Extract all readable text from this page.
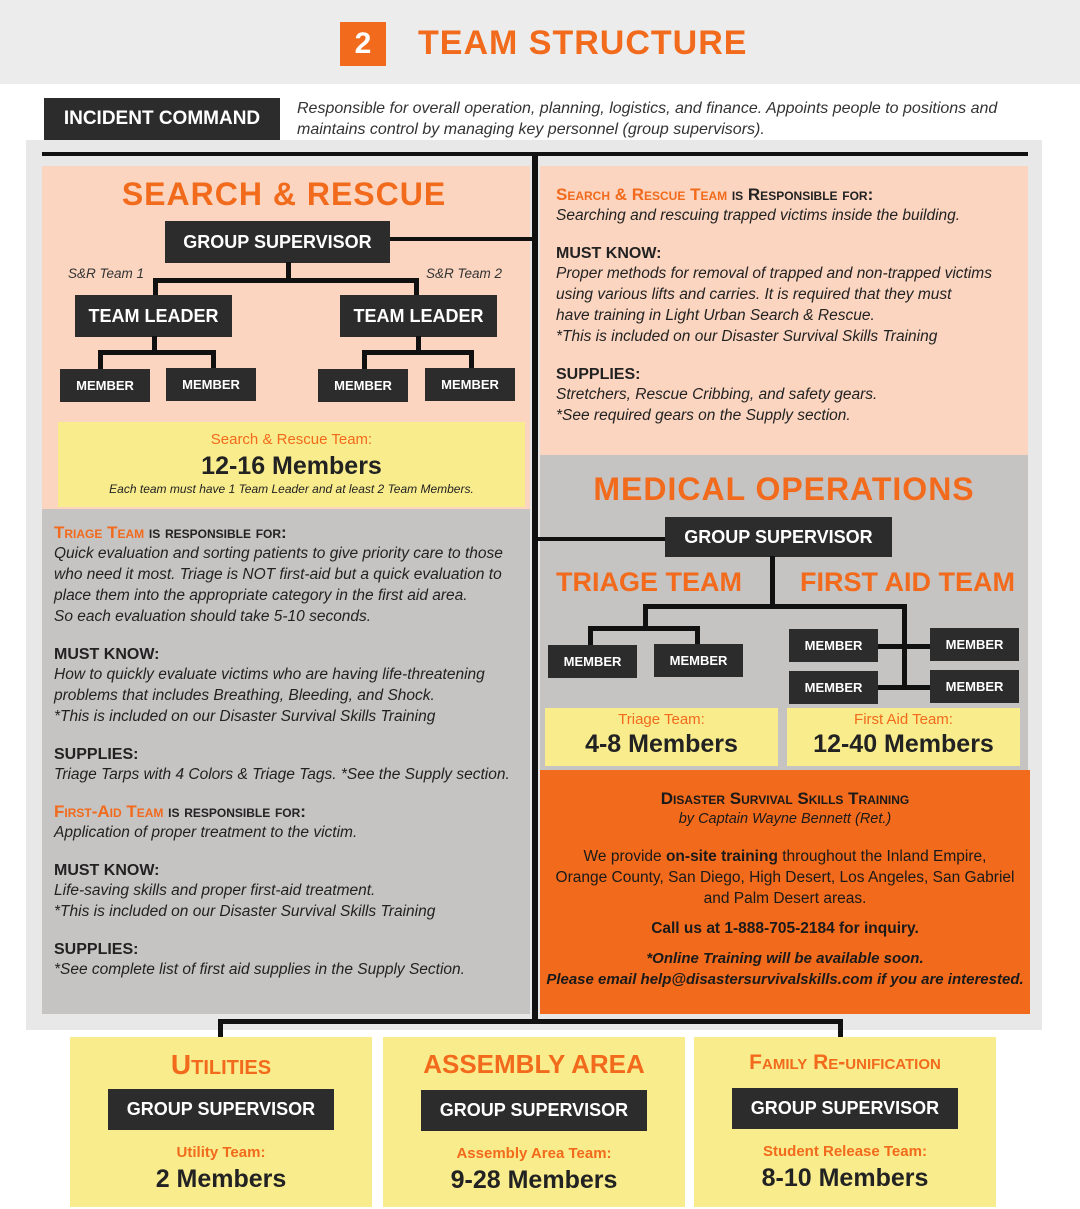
2	TEAM STRUCTURE
INCIDENT COMMAND	Responsible for overall operation, planning, logistics, and finance. Appoints people to positions and maintains control by managing key personnel (group supervisors).
SEARCH & RESCUE
GROUP SUPERVISOR
S&R Team 1	S&R Team 2
TEAM LEADER	TEAM LEADER
MEMBER	MEMBER	MEMBER	MEMBER
Search & Rescue Team:
12-16 Members
Each team must have 1 Team Leader and at least 2 Team Members.
Search & Rescue Team is Responsible for:
Searching and rescuing trapped victims inside the building.
MUST KNOW:
Proper methods for removal of trapped and non-trapped victims
using various lifts and carries. It is required that they must
have training in Light Urban Search & Rescue.
*This is included on our Disaster Survival Skills Training
SUPPLIES:
Stretchers, Rescue Cribbing, and safety gears.
*See required gears on the Supply section.
Triage Team is responsible for:
Quick evaluation and sorting patients to give priority care to those
who need it most. Triage is NOT first-aid but a quick evaluation to
place them into the appropriate category in the first aid area.
So each evaluation should take 5-10 seconds.
MUST KNOW:
How to quickly evaluate victims who are having life-threatening
problems that includes Breathing, Bleeding, and Shock.
*This is included on our Disaster Survival Skills Training
SUPPLIES:
Triage Tarps with 4 Colors & Triage Tags. *See the Supply section.
First-Aid Team is responsible for:
Application of proper treatment to the victim.
MUST KNOW:
Life-saving skills and proper first-aid treatment.
*This is included on our Disaster Survival Skills Training
SUPPLIES:
*See complete list of first aid supplies in the Supply Section.
MEDICAL OPERATIONS
GROUP SUPERVISOR
TRIAGE TEAM FIRST AID TEAM
MEMBER	MEMBER
MEMBER	MEMBER
MEMBER	MEMBER
Triage Team:
4-8 Members
First Aid Team:
12-40 Members
Disaster Survival Skills Training
by Captain Wayne Bennett (Ret.)
We provide on-site training throughout the Inland Empire,
Orange County, San Diego, High Desert, Los Angeles, San Gabriel
and Palm Desert areas.
Call us at 1-888-705-2184 for inquiry.
*Online Training will be available soon.
Please email help@disastersurvivalskills.com if you are interested.
Utilities
GROUP SUPERVISOR
Utility Team:
2 Members
ASSEMBLY AREA
GROUP SUPERVISOR
Assembly Area Team:
9-28 Members
Family Re-unification
GROUP SUPERVISOR
Student Release Team:
8-10 Members
